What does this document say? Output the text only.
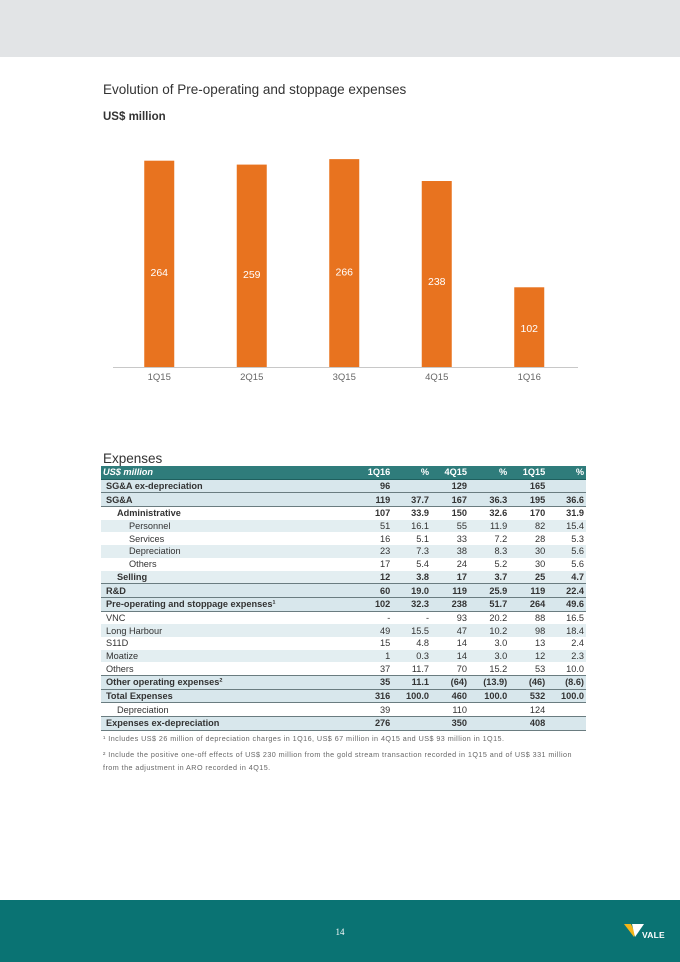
Evolution of Pre-operating and stoppage expenses
US$ million
264
1Q15
259
2Q15
266
3Q15
238
4Q15
102
1Q16
Expenses
US$ million	1Q16	%	4Q15	%	1Q15	%
SG&A ex-depreciation	96		129		165	
SG&A	119	37.7	167	36.3	195	36.6
Administrative	107	33.9	150	32.6	170	31.9
Personnel	51	16.1	55	11.9	82	15.4
Services	16	5.1	33	7.2	28	5.3
Depreciation	23	7.3	38	8.3	30	5.6
Others	17	5.4	24	5.2	30	5.6
Selling	12	3.8	17	3.7	25	4.7
R&D	60	19.0	119	25.9	119	22.4
Pre-operating and stoppage expenses¹	102	32.3	238	51.7	264	49.6
VNC	-	-	93	20.2	88	16.5
Long Harbour	49	15.5	47	10.2	98	18.4
S11D	15	4.8	14	3.0	13	2.4
Moatize	1	0.3	14	3.0	12	2.3
Others	37	11.7	70	15.2	53	10.0
Other operating expenses²	35	11.1	(64)	(13.9)	(46)	(8.6)
Total Expenses	316	100.0	460	100.0	532	100.0
Depreciation	39		110		124	
Expenses ex-depreciation	276		350		408	
¹ Includes US$ 26 million of depreciation charges in 1Q16, US$ 67 million in 4Q15 and US$ 93 million in 1Q15.
² Include the positive one-off effects of US$ 230 million from the gold stream transaction recorded in 1Q15 and of US$ 331 million from the adjustment in ARO recorded in 4Q15.
14	VALE
